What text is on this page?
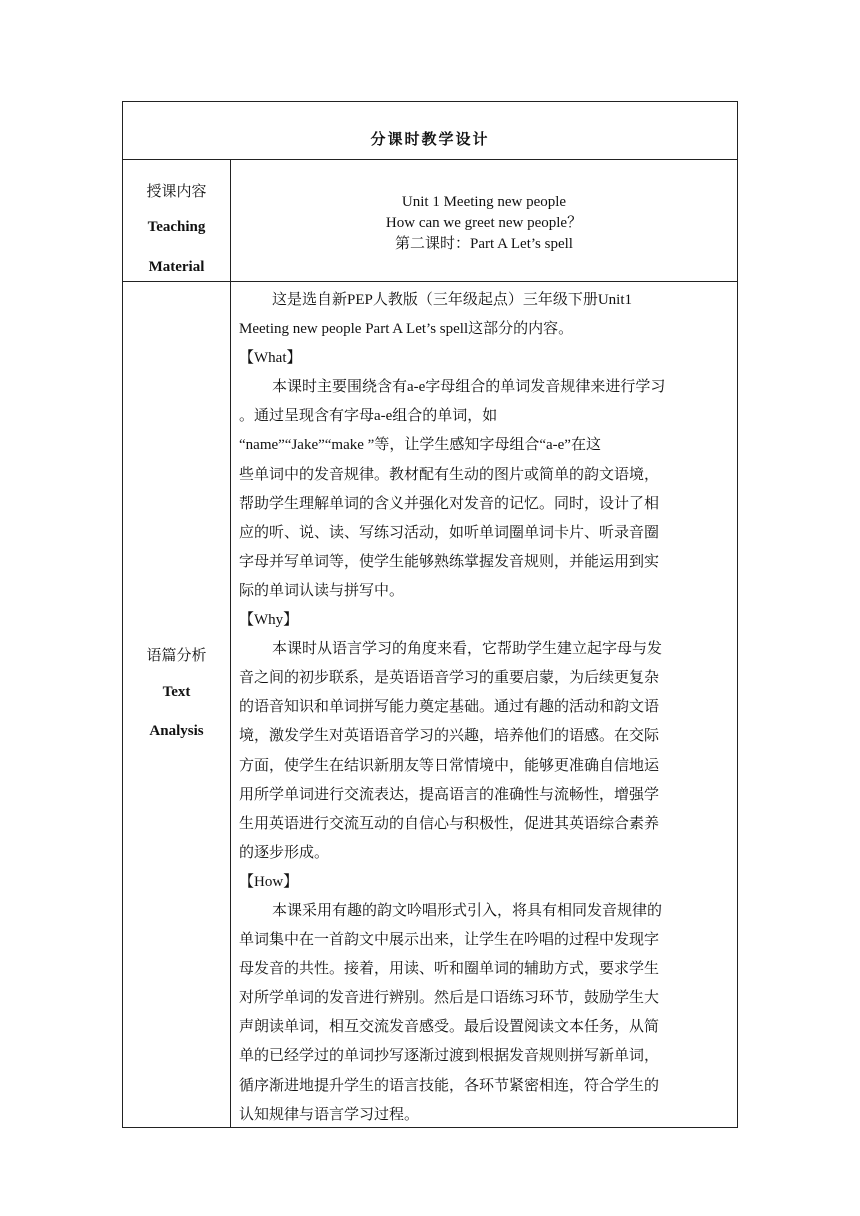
分课时教学设计
授课内容
Teaching
Material
Unit 1 Meeting new people
How can we greet new people？
第二课时：Part A Let’s spell
语篇分析
Text
Analysis
这是选自新PEP人教版（三年级起点）三年级下册Unit1
Meeting new people Part A Let’s spell这部分的内容。
【What】
本课时主要围绕含有a-e字母组合的单词发音规律来进行学习
。通过呈现含有字母a-e组合的单词，如
“name”“Jake”“make ”等，让学生感知字母组合“a-e”在这
些单词中的发音规律。教材配有生动的图片或简单的韵文语境，
帮助学生理解单词的含义并强化对发音的记忆。同时，设计了相
应的听、说、读、写练习活动，如听单词圈单词卡片、听录音圈
字母并写单词等，使学生能够熟练掌握发音规则，并能运用到实
际的单词认读与拼写中。
【Why】
本课时从语言学习的角度来看，它帮助学生建立起字母与发
音之间的初步联系，是英语语音学习的重要启蒙，为后续更复杂
的语音知识和单词拼写能力奠定基础。通过有趣的活动和韵文语
境，激发学生对英语语音学习的兴趣，培养他们的语感。在交际
方面，使学生在结识新朋友等日常情境中，能够更准确自信地运
用所学单词进行交流表达，提高语言的准确性与流畅性，增强学
生用英语进行交流互动的自信心与积极性，促进其英语综合素养
的逐步形成。
【How】
本课采用有趣的韵文吟唱形式引入，将具有相同发音规律的
单词集中在一首韵文中展示出来，让学生在吟唱的过程中发现字
母发音的共性。接着，用读、听和圈单词的辅助方式，要求学生
对所学单词的发音进行辨别。然后是口语练习环节，鼓励学生大
声朗读单词，相互交流发音感受。最后设置阅读文本任务，从简
单的已经学过的单词抄写逐渐过渡到根据发音规则拼写新单词，
循序渐进地提升学生的语言技能，各环节紧密相连，符合学生的
认知规律与语言学习过程。
